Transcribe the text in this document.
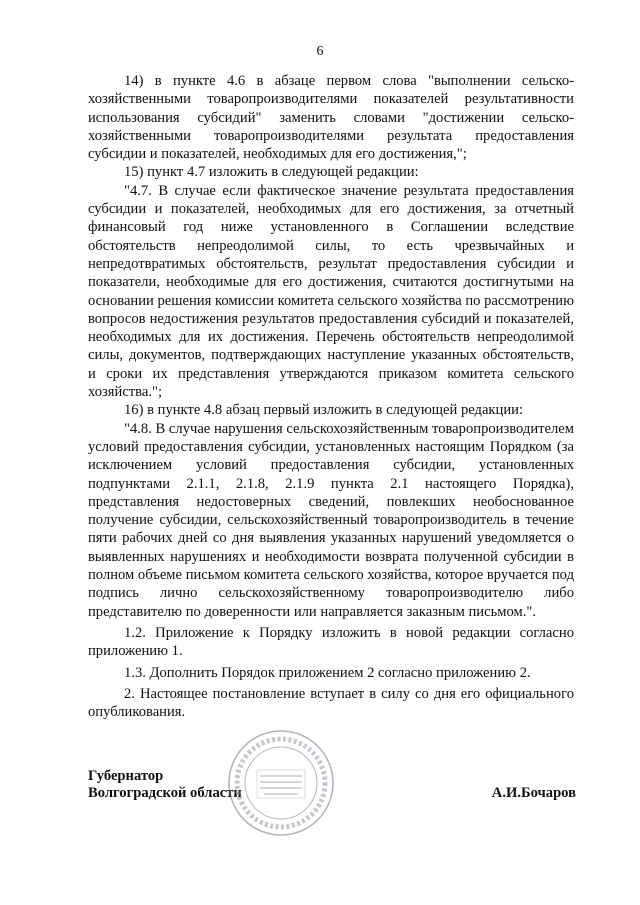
6

14) в пункте 4.6 в абзаце первом слова "выполнении сельскохозяйственными товаропроизводителями показателей результативности использования субсидий" заменить словами "достижении сельскохозяйственными товаропроизводителями результата предоставления субсидии и показателей, необходимых для его достижения,";

15) пункт 4.7 изложить в следующей редакции:

"4.7. В случае если фактическое значение результата предоставления субсидии и показателей, необходимых для его достижения, за отчетный финансовый год ниже установленного в Соглашении вследствие обстоятельств непреодолимой силы, то есть чрезвычайных и непредотвратимых обстоятельств, результат предоставления субсидии и показатели, необходимые для его достижения, считаются достигнутыми на основании решения комиссии комитета сельского хозяйства по рассмотрению вопросов недостижения результатов предоставления субсидий и показателей, необходимых для их достижения. Перечень обстоятельств непреодолимой силы, документов, подтверждающих наступление указанных обстоятельств, и сроки их представления утверждаются приказом комитета сельского хозяйства.";

16) в пункте 4.8 абзац первый изложить в следующей редакции:

"4.8. В случае нарушения сельскохозяйственным товаропроизводителем условий предоставления субсидии, установленных настоящим Порядком (за исключением условий предоставления субсидии, установленных подпунктами 2.1.1, 2.1.8, 2.1.9 пункта 2.1 настоящего Порядка), представления недостоверных сведений, повлекших необоснованное получение субсидии, сельскохозяйственный товаропроизводитель в течение пяти рабочих дней со дня выявления указанных нарушений уведомляется о выявленных нарушениях и необходимости возврата полученной субсидии в полном объеме письмом комитета сельского хозяйства, которое вручается под подпись лично сельскохозяйственному товаропроизводителю либо представителю по доверенности или направляется заказным письмом.".

1.2. Приложение к Порядку изложить в новой редакции согласно приложению 1.

1.3. Дополнить Порядок приложением 2 согласно приложению 2.

2. Настоящее постановление вступает в силу со дня его официального опубликования.

Губернатор
Волгоградской области	А.И.Бочаров
